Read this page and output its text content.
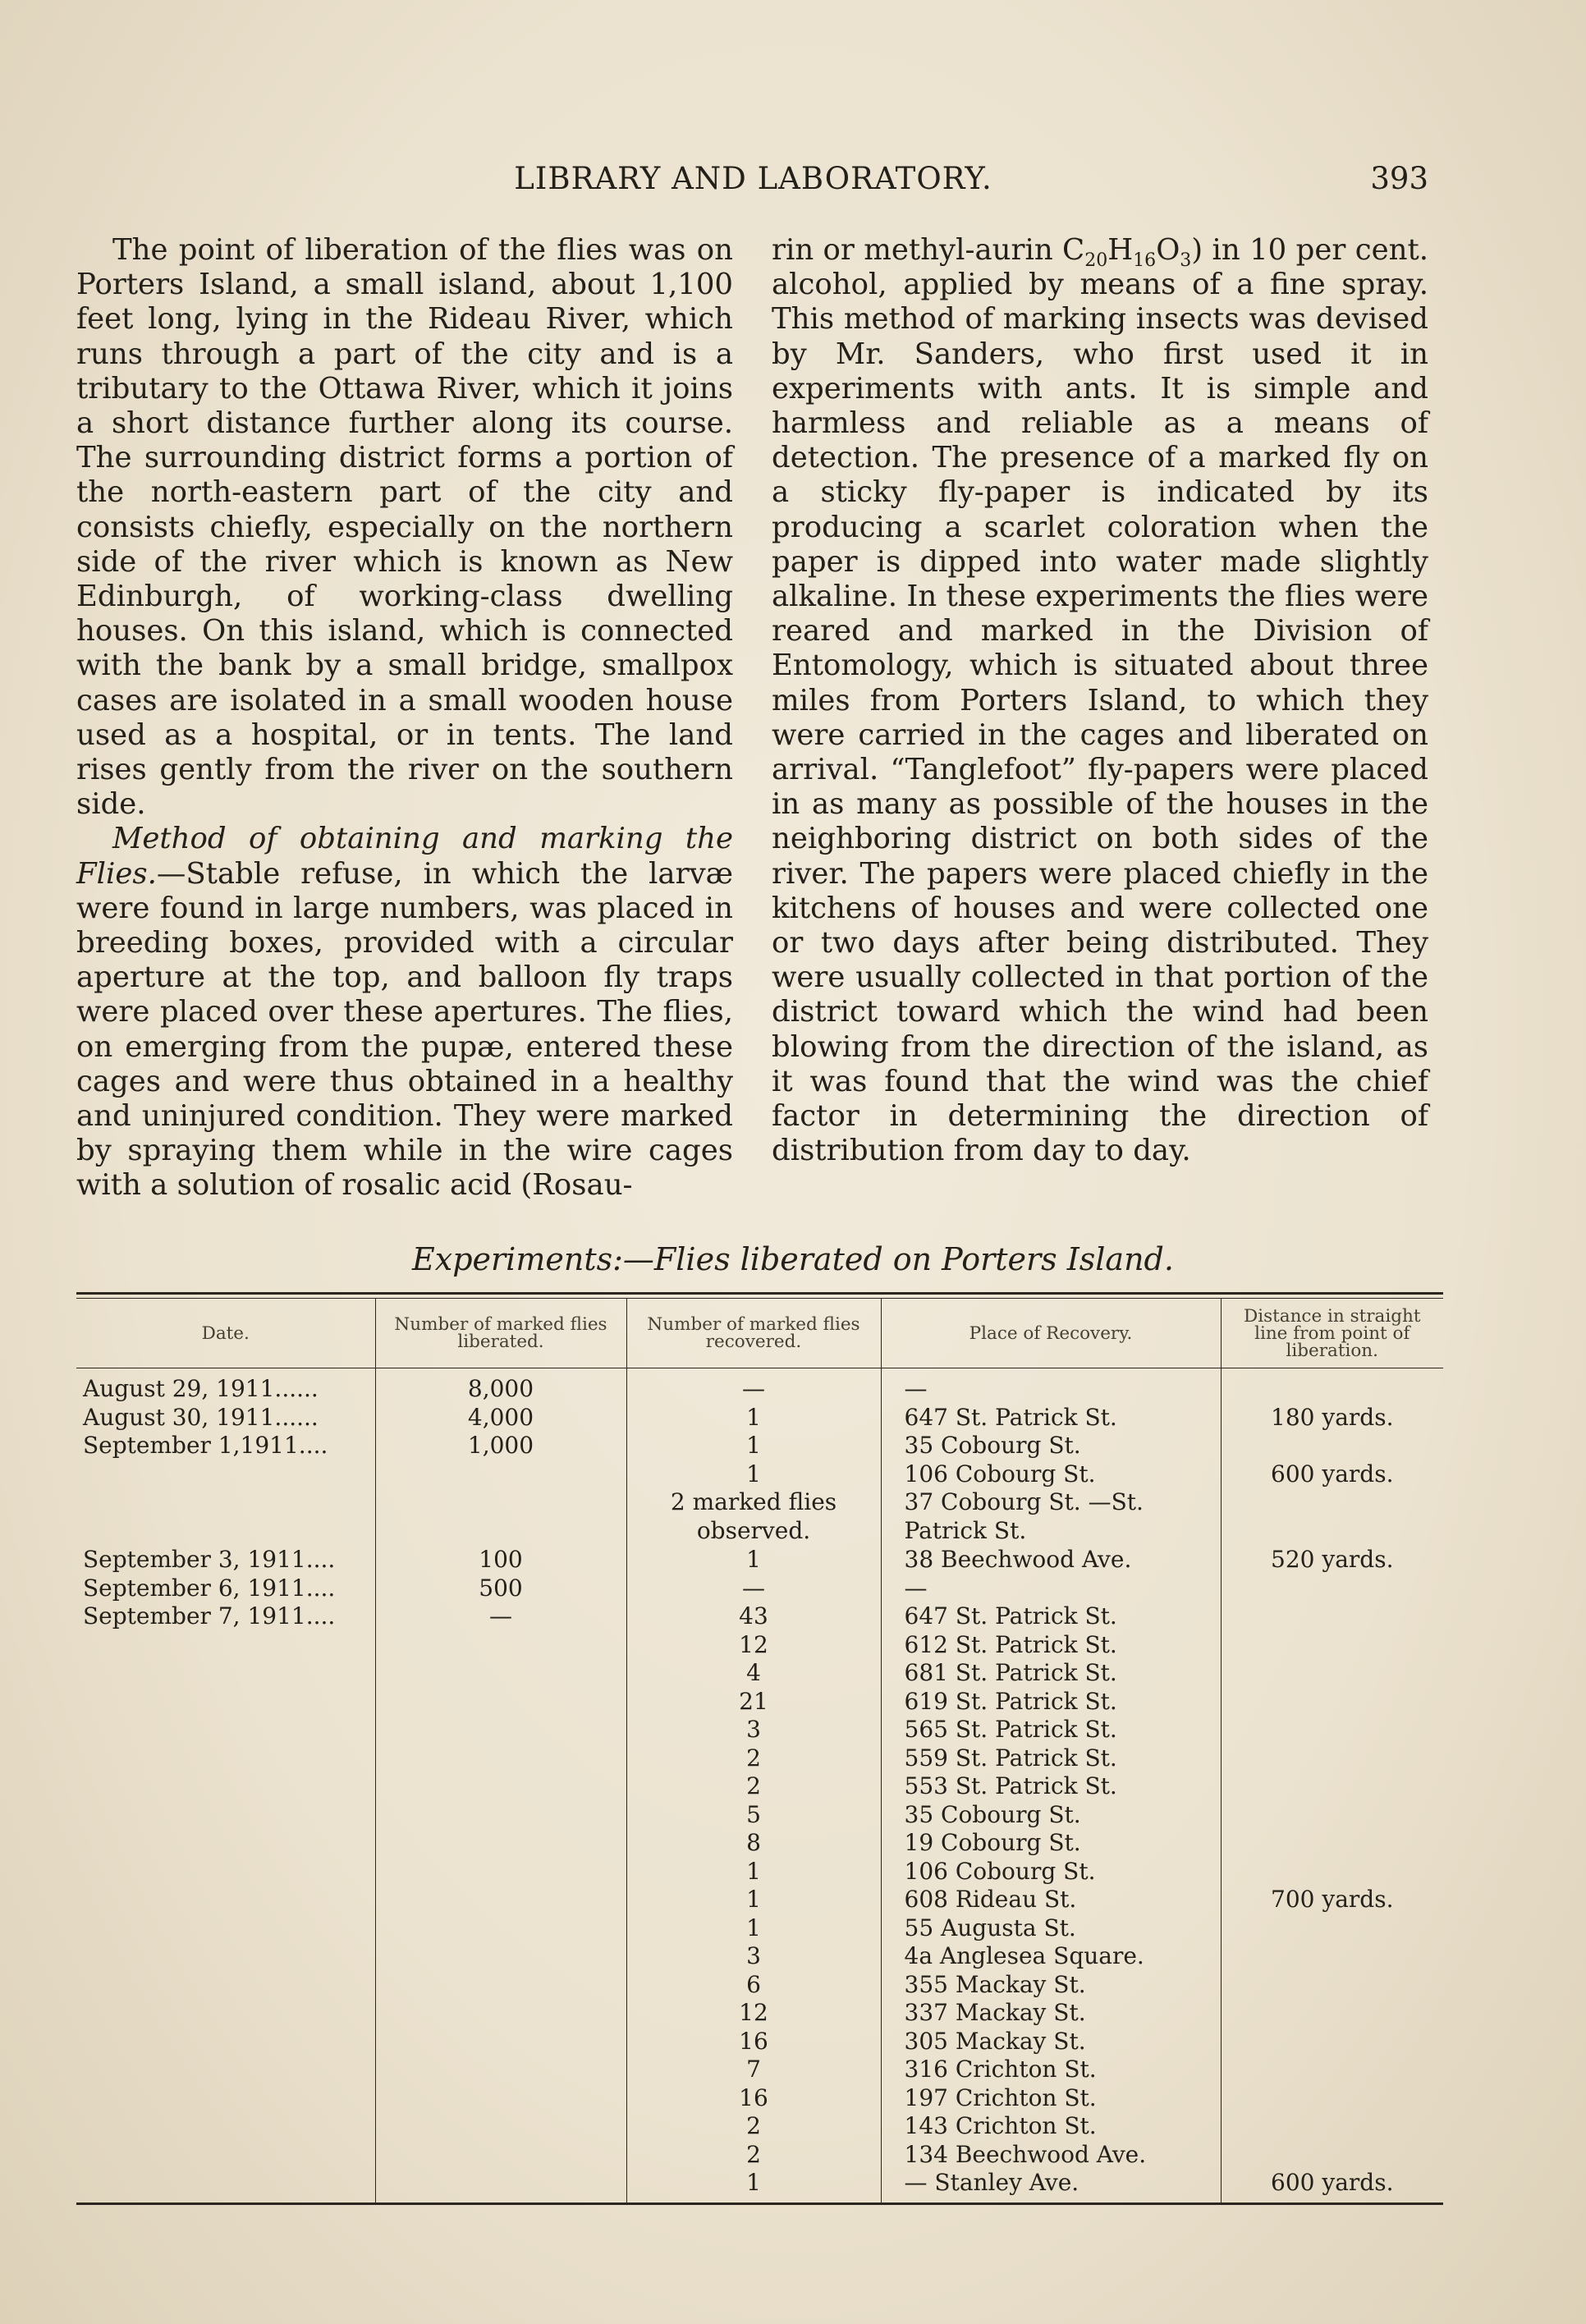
LIBRARY AND LABORATORY.	393

The point of liberation of the flies was on Porters Island, a small island, about 1,100 feet long, lying in the Rideau River, which runs through a part of the city and is a tributary to the Ottawa River, which it joins a short distance further along its course. The surrounding district forms a portion of the north-eastern part of the city and consists chiefly, especially on the northern side of the river which is known as New Edinburgh, of working-class dwelling houses. On this island, which is connected with the bank by a small bridge, smallpox cases are isolated in a small wooden house used as a hospital, or in tents. The land rises gently from the river on the southern side.

Method of obtaining and marking the Flies.—Stable refuse, in which the larvæ were found in large numbers, was placed in breeding boxes, provided with a circular aperture at the top, and balloon fly traps were placed over these apertures. The flies, on emerging from the pupæ, entered these cages and were thus obtained in a healthy and uninjured condition. They were marked by spraying them while in the wire cages with a solution of rosalic acid (Rosau-

rin or methyl-aurin $C_{20}H_{16}O_3$) in 10 per cent. alcohol, applied by means of a fine spray. This method of marking insects was devised by Mr. Sanders, who first used it in experiments with ants. It is simple and harmless and reliable as a means of detection. The presence of a marked fly on a sticky fly-paper is indicated by its producing a scarlet coloration when the paper is dipped into water made slightly alkaline. In these experiments the flies were reared and marked in the Division of Entomology, which is situated about three miles from Porters Island, to which they were carried in the cages and liberated on arrival. “Tanglefoot” fly-papers were placed in as many as possible of the houses in the neighboring district on both sides of the river. The papers were placed chiefly in the kitchens of houses and were collected one or two days after being distributed. They were usually collected in that portion of the district toward which the wind had been blowing from the direction of the island, as it was found that the wind was the chief factor in determining the direction of distribution from day to day.

Experiments:—Flies liberated on Porters Island.
Date.	Number of marked flies liberated.	Number of marked flies recovered.	Place of Recovery.	Distance in straight line from point of liberation.
August 29, 1911......	8,000	—	—	
August 30, 1911......	4,000	1	647 St. Patrick St.	180 yards.
September 1,1911....	1,000	1	35 Cobourg St.	
		1	106 Cobourg St.	600 yards.
		2 marked flies observed.	37 Cobourg St. —St. Patrick St.	
September 3, 1911....	100	1	38 Beechwood Ave.	520 yards.
September 6, 1911....	500	—	—	
September 7, 1911....	—	43	647 St. Patrick St.	
		12	612 St. Patrick St.	
		4	681 St. Patrick St.	
		21	619 St. Patrick St.	
		3	565 St. Patrick St.	
		2	559 St. Patrick St.	
		2	553 St. Patrick St.	
		5	35 Cobourg St.	
		8	19 Cobourg St.	
		1	106 Cobourg St.	
		1	608 Rideau St.	700 yards.
		1	55 Augusta St.	
		3	4a Anglesea Square.	
		6	355 Mackay St.	
		12	337 Mackay St.	
		16	305 Mackay St.	
		7	316 Crichton St.	
		16	197 Crichton St.	
		2	143 Crichton St.	
		2	134 Beechwood Ave.	
		1	— Stanley Ave.	600 yards.
